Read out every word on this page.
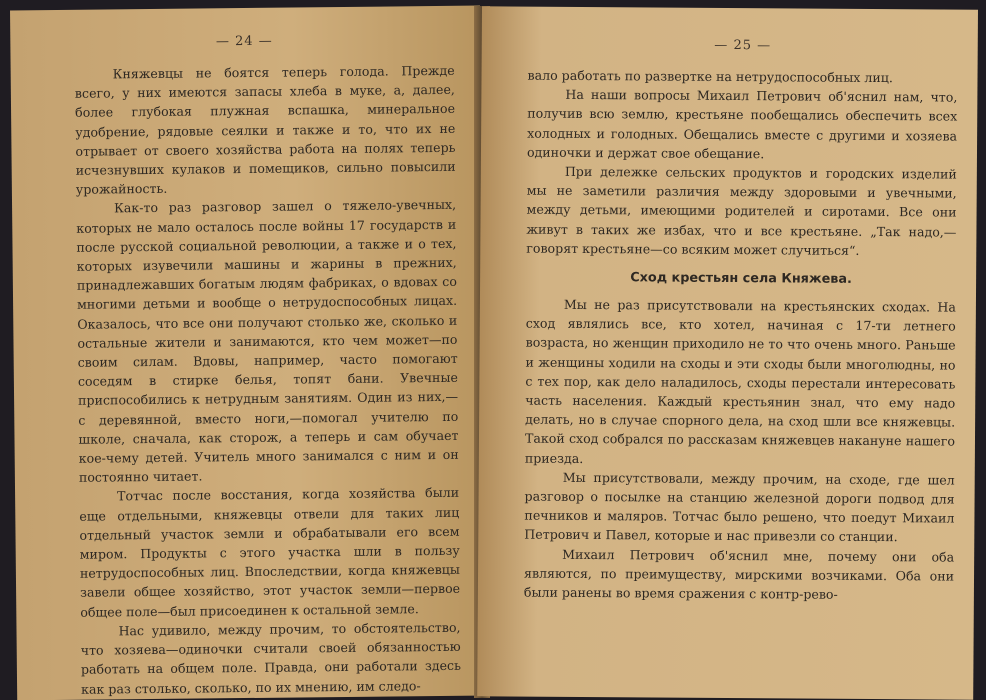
— 24 —

Княжевцы не боятся теперь голода. Прежде всего, у них имеются запасы хлеба в муке, а, далее, более глубокая плужная вспашка, минеральное удобрение, рядовые сеялки и также и то, что их не отрывает от своего хозяйства работа на полях теперь исчезнувших кулаков и помещиков, сильно повысили урожайность.

Как-то раз разговор зашел о тяжело-увечных, которых не мало осталось после войны 17 государств и после русской социальной революции, а также и о тех, которых изувечили машины и жарины в прежних, принадлежавших богатым людям фабриках, о вдовах со многими детьми и вообще о нетрудоспособных лицах. Оказалось, что все они получают столько же, сколько и остальные жители и занимаются, кто чем может—по своим силам. Вдовы, например, часто помогают соседям в стирке белья, топят бани. Увечные приспособились к нетрудным занятиям. Один из них,—с деревянной, вместо ноги,—помогал учителю по школе, сначала, как сторож, а теперь и сам обучает кое-чему детей. Учитель много занимался с ним и он постоянно читает.

Тотчас после восстания, когда хозяйства были еще отдельными, княжевцы отвели для таких лиц отдельный участок земли и обрабатывали его всем миром. Продукты с этого участка шли в пользу нетрудоспособных лиц. Впоследствии, когда княжевцы завели общее хозяйство, этот участок земли—первое общее поле—был присоединен к остальной земле.

Нас удивило, между прочим, то обстоятельство, что хозяева—одиночки считали своей обязанностью работать на общем поле. Правда, они работали здесь как раз столько, сколько, по их мнению, им следо-

— 25 —

вало работать по развертке на нетрудоспособных лиц.

На наши вопросы Михаил Петрович об'яснил нам, что, получив всю землю, крестьяне пообещались обеспечить всех холодных и голодных. Обещались вместе с другими и хозяева одиночки и держат свое обещание.

При дележке сельских продуктов и городских изделий мы не заметили различия между здоровыми и увечными, между детьми, имеющими родителей и сиротами. Все они живут в таких же избах, что и все крестьяне. „Так надо,—говорят крестьяне—со всяким может случиться“.

Сход крестьян села Княжева.

Мы не раз присутствовали на крестьянских сходах. На сход являлись все, кто хотел, начиная с 17-ти летнего возраста, но женщин приходило не то что очень много. Раньше и женщины ходили на сходы и эти сходы были многолюдны, но с тех пор, как дело наладилось, сходы перестали интересовать часть населения. Каждый крестьянин знал, что ему надо делать, но в случае спорного дела, на сход шли все княжевцы. Такой сход собрался по рассказам княжевцев накануне нашего приезда.

Мы присутствовали, между прочим, на сходе, где шел разговор о посылке на станцию железной дороги подвод для печников и маляров. Тотчас было решено, что поедут Михаил Петрович и Павел, которые и нас привезли со станции.

Михаил Петрович об'яснил мне, почему они оба являются, по преимуществу, мирскими возчиками. Оба они были ранены во время сражения с контр-рево-
